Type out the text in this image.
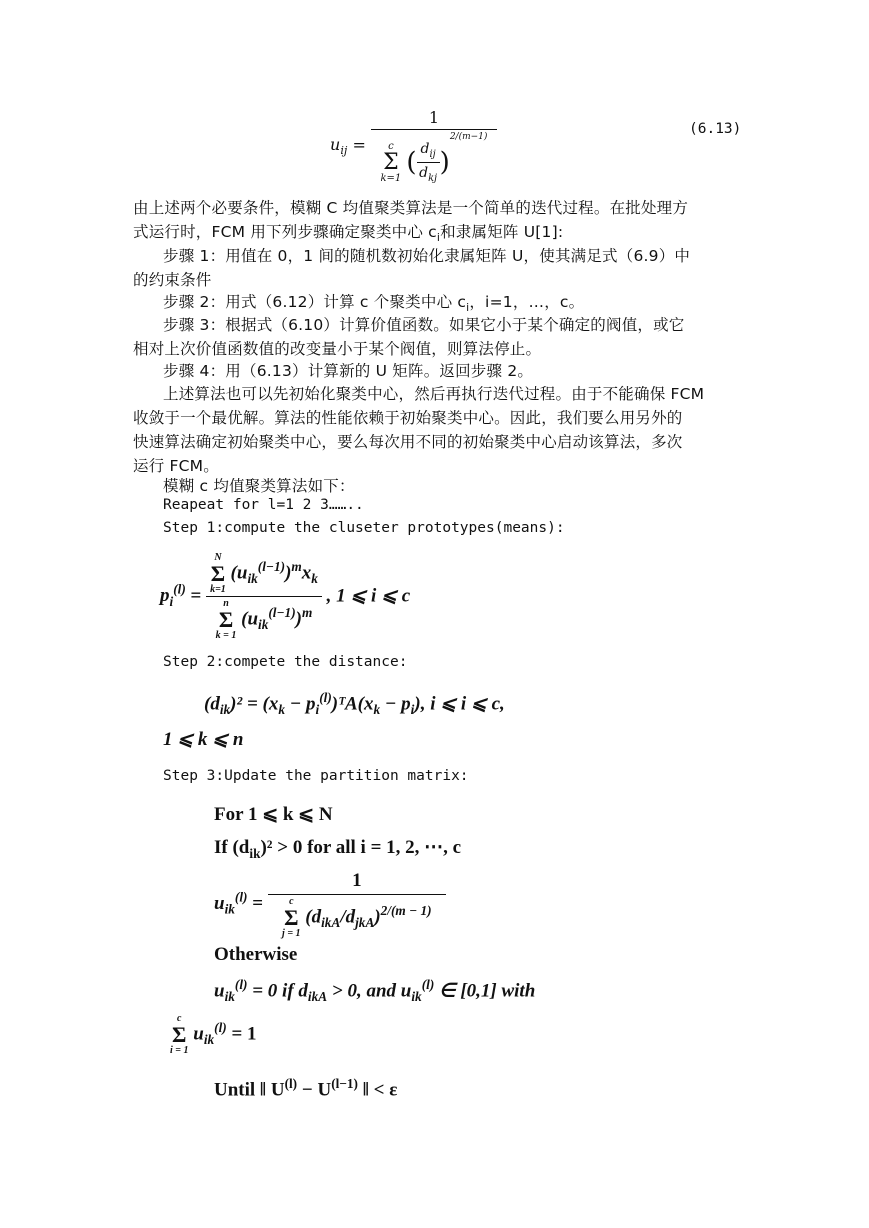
$u_{ij} = 1$
c
Σ
k=1
( $\frac{d_{ij}}{d_{kj}} )^{2/(m-1)}$	(6.13)
由上述两个必要条件，模糊 C 均值聚类算法是一个简单的迭代过程。在批处理方
式运行时，FCM 用下列步骤确定聚类中心 $c_i$和隶属矩阵 U[1]:
步骤 1：用值在 0，1 间的随机数初始化隶属矩阵 U，使其满足式（6.9）中
的约束条件
步骤 2：用式（6.12）计算 c 个聚类中心 $c_i$，i=1，…，c。
步骤 3：根据式（6.10）计算价值函数。如果它小于某个确定的阀值，或它
相对上次价值函数值的改变量小于某个阀值，则算法停止。
步骤 4：用（6.13）计算新的 U 矩阵。返回步骤 2。
上述算法也可以先初始化聚类中心，然后再执行迭代过程。由于不能确保 FCM
收敛于一个最优解。算法的性能依赖于初始聚类中心。因此，我们要么用另外的
快速算法确定初始聚类中心，要么每次用不同的初始聚类中心启动该算法，多次
运行 FCM。
模糊 c 均值聚类算法如下：
Reapeat for l=1 2 3……..
Step 1:compute the cluseter prototypes(means):
$p_i^{(l)} = N$
Σ
k=1
$(u_{ik}^{(l-1)})^mx_k$
n
Σ
k = 1
$(u_{ik}^{(l-1)})^m$ , 1 ⩽ i ⩽ c
Step 2:compete the distance:
$(d_{ik})^2 = (x_k$ − $p_i^{(l)})ᵀA(x_k - p_i)$, i ⩽ i ⩽ c,
1 ⩽ k ⩽ n
Step 3:Update the partition matrix:
For 1 ⩽ k ⩽ N
If $(d_{ik})^2 > 0$ for all i = 1, 2, ⋯, c
$u_{ik}^{(l)} = 1$
c
Σ
j = 1
$(d_{ikA}/d_{jkA})^{2/(m - 1)}$
Otherwise
$u_{ik}^{(l)} = 0$ if $d_{ikA} > 0$, and $u_{ik}^{(l)}$ ∈ [0,1] with
c
Σ
i = 1
$u_{ik}^{(l)} = 1$
Until ‖ $U^{(l)} - U^{(l-1)}$ ‖ < ε
